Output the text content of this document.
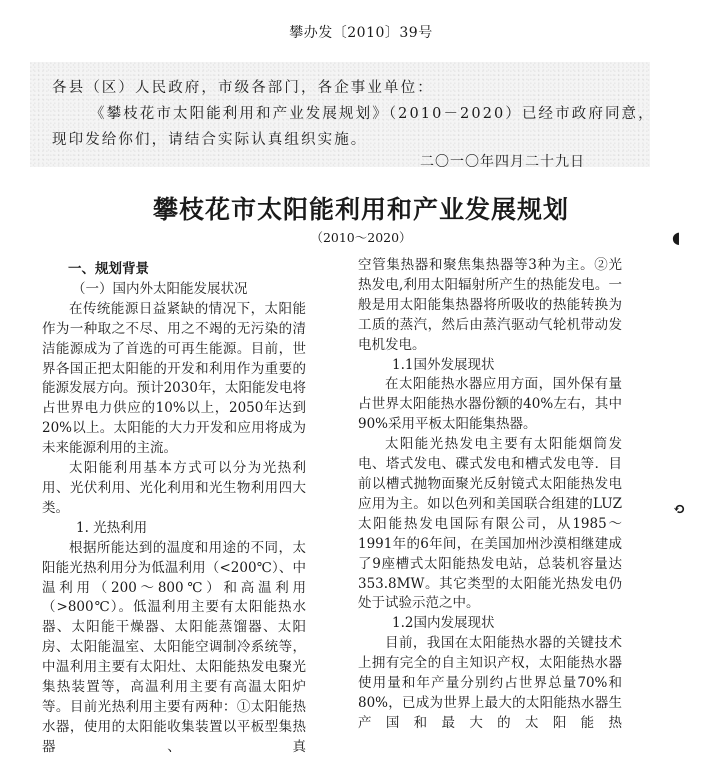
攀办发〔2010〕39号
各县（区）人民政府，市级各部门，各企事业单位：
《攀枝花市太阳能利用和产业发展规划》（2010－2020）已经市政府同意，
现印发给你们，请结合实际认真组织实施。
二〇一〇年四月二十九日
攀枝花市太阳能利用和产业发展规划
（2010～2020）	◖
⟲
一、规划背景
（一）国内外太阳能发展状况

在传统能源日益紧缺的情况下，太阳能作为一种取之不尽、用之不竭的无污染的清洁能源成为了首选的可再生能源。目前，世界各国正把太阳能的开发和利用作为重要的能源发展方向。预计2030年，太阳能发电将占世界电力供应的10%以上，2050年达到20%以上。太阳能的大力开发和应用将成为未来能源利用的主流。

太阳能利用基本方式可以分为光热利用、光伏利用、光化利用和光生物利用四大类。

1. 光热利用

根据所能达到的温度和用途的不同，太阳能光热利用分为低温利用（<200℃）、中温利用（200～800℃）和高温利用（>800℃）。低温利用主要有太阳能热水器、太阳能干燥器、太阳能蒸馏器、太阳房、太阳能温室、太阳能空调制冷系统等，中温利用主要有太阳灶、太阳能热发电聚光集热装置等，高温利用主要有高温太阳炉等。目前光热利用主要有两种：①太阳能热水器，使用的太阳能收集装置以平板型集热器、真

空管集热器和聚焦集热器等3种为主。②光热发电,利用太阳辐射所产生的热能发电。一般是用太阳能集热器将所吸收的热能转换为工质的蒸汽，然后由蒸汽驱动气轮机带动发电机发电。

1.1国外发展现状

在太阳能热水器应用方面，国外保有量占世界太阳能热水器份额的40%左右，其中90%采用平板太阳能集热器。

太阳能光热发电主要有太阳能烟筒发电、塔式发电、碟式发电和槽式发电等．目前以槽式抛物面聚光反射镜式太阳能热发电应用为主。如以色列和美国联合组建的LUZ太阳能热发电国际有限公司，从1985～1991年的6年间，在美国加州沙漠相继建成了9座槽式太阳能热发电站，总装机容量达353.8MW。其它类型的太阳能光热发电仍处于试验示范之中。

1.2国内发展现状

目前，我国在太阳能热水器的关键技术上拥有完全的自主知识产权，太阳能热水器使用量和年产量分别约占世界总量70%和80%，已成为世界上最大的太阳能热水器生产国和最大的太阳能热
